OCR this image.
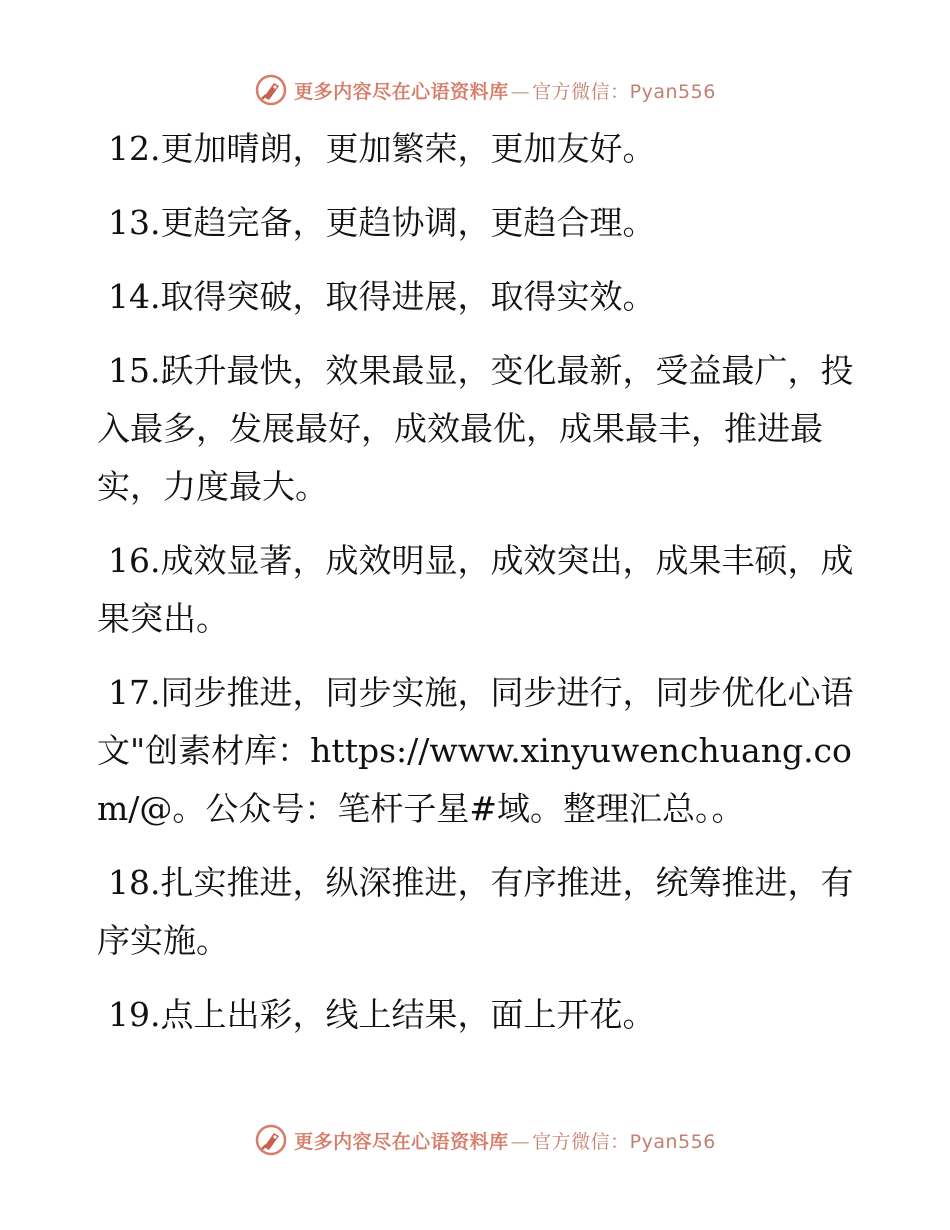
更多内容尽在心语资料库 — 官方微信：Pyan556

12.更加晴朗，更加繁荣，更加友好。

13.更趋完备，更趋协调，更趋合理。

14.取得突破，取得进展，取得实效。

15.跃升最快，效果最显，变化最新，受益最广，投入最多，发展最好，成效最优，成果最丰，推进最实，力度最大。

16.成效显著，成效明显，成效突出，成果丰硕，成果突出。

17.同步推进，同步实施，同步进行，同步优化心语文"创素材库：https://www.xinyuwenchuang.com/@。公众号：笔杆子星#域。整理汇总。。

18.扎实推进，纵深推进，有序推进，统筹推进，有序实施。

19.点上出彩，线上结果，面上开花。

更多内容尽在心语资料库 — 官方微信：Pyan556
